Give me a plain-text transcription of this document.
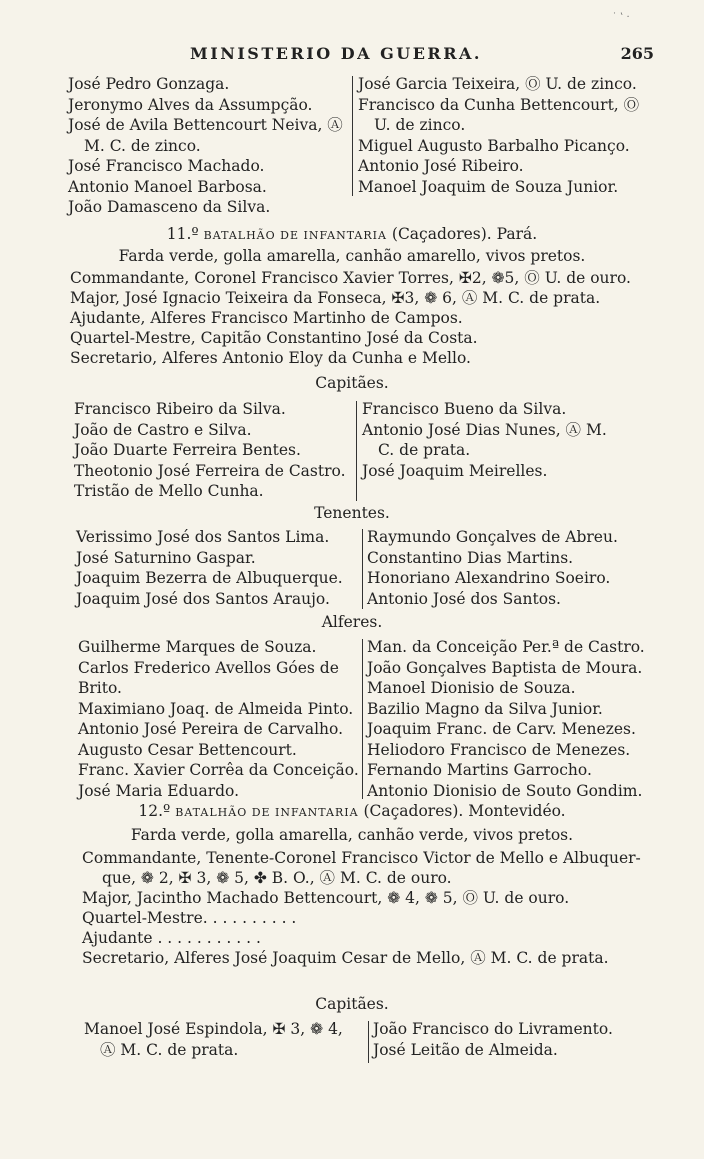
˙ ‛ ·
MINISTERIO DA GUERRA.	265
José Pedro Gonzaga.
Jeronymo Alves da Assumpção.
José de Avila Bettencourt Neiva, Ⓐ
M. C. de zinco.
José Francisco Machado.
Antonio Manoel Barbosa.
João Damasceno da Silva.
José Garcia Teixeira, Ⓞ U. de zinco.
Francisco da Cunha Bettencourt, Ⓞ
U. de zinco.
Miguel Augusto Barbalho Picanço.
Antonio José Ribeiro.
Manoel Joaquim de Souza Junior.
11.º BATALHÃO DE INFANTARIA (Caçadores). Pará.
Farda verde, golla amarella, canhão amarello, vivos pretos.
Commandante, Coronel Francisco Xavier Torres, ✠2, ❁5, Ⓞ U. de ouro.
Major, José Ignacio Teixeira da Fonseca, ✠3, ❁ 6, Ⓐ M. C. de prata.
Ajudante, Alferes Francisco Martinho de Campos.
Quartel-Mestre, Capitão Constantino José da Costa.
Secretario, Alferes Antonio Eloy da Cunha e Mello.
Capitães.
Francisco Ribeiro da Silva.
João de Castro e Silva.
João Duarte Ferreira Bentes.
Theotonio José Ferreira de Castro.
Tristão de Mello Cunha.
Francisco Bueno da Silva.
Antonio José Dias Nunes, Ⓐ M.
C. de prata.
José Joaquim Meirelles.
Tenentes.
Verissimo José dos Santos Lima.
José Saturnino Gaspar.
Joaquim Bezerra de Albuquerque.
Joaquim José dos Santos Araujo.
Raymundo Gonçalves de Abreu.
Constantino Dias Martins.
Honoriano Alexandrino Soeiro.
Antonio José dos Santos.
Alferes.
Guilherme Marques de Souza.
Carlos Frederico Avellos Góes de
Brito.
Maximiano Joaq. de Almeida Pinto.
Antonio José Pereira de Carvalho.
Augusto Cesar Bettencourt.
Franc. Xavier Corrêa da Conceição.
José Maria Eduardo.
Man. da Conceição Per.ª de Castro.
João Gonçalves Baptista de Moura.
Manoel Dionisio de Souza.
Bazilio Magno da Silva Junior.
Joaquim Franc. de Carv. Menezes.
Heliodoro Francisco de Menezes.
Fernando Martins Garrocho.
Antonio Dionisio de Souto Gondim.
12.º BATALHÃO DE INFANTARIA (Caçadores). Montevidéo.
Farda verde, golla amarella, canhão verde, vivos pretos.
Commandante, Tenente-Coronel Francisco Victor de Mello e Albuquer-
que, ❁ 2, ✠ 3, ❁ 5, ✤ B. O., Ⓐ M. C. de ouro.
Major, Jacintho Machado Bettencourt, ❁ 4, ❁ 5, Ⓞ U. de ouro.
Quartel-Mestre. . . . . . . . . .
Ajudante . . . . . . . . . . .
Secretario, Alferes José Joaquim Cesar de Mello, Ⓐ M. C. de prata.
Capitães.
Manoel José Espindola, ✠ 3, ❁ 4,
Ⓐ M. C. de prata.
João Francisco do Livramento.
José Leitão de Almeida.
